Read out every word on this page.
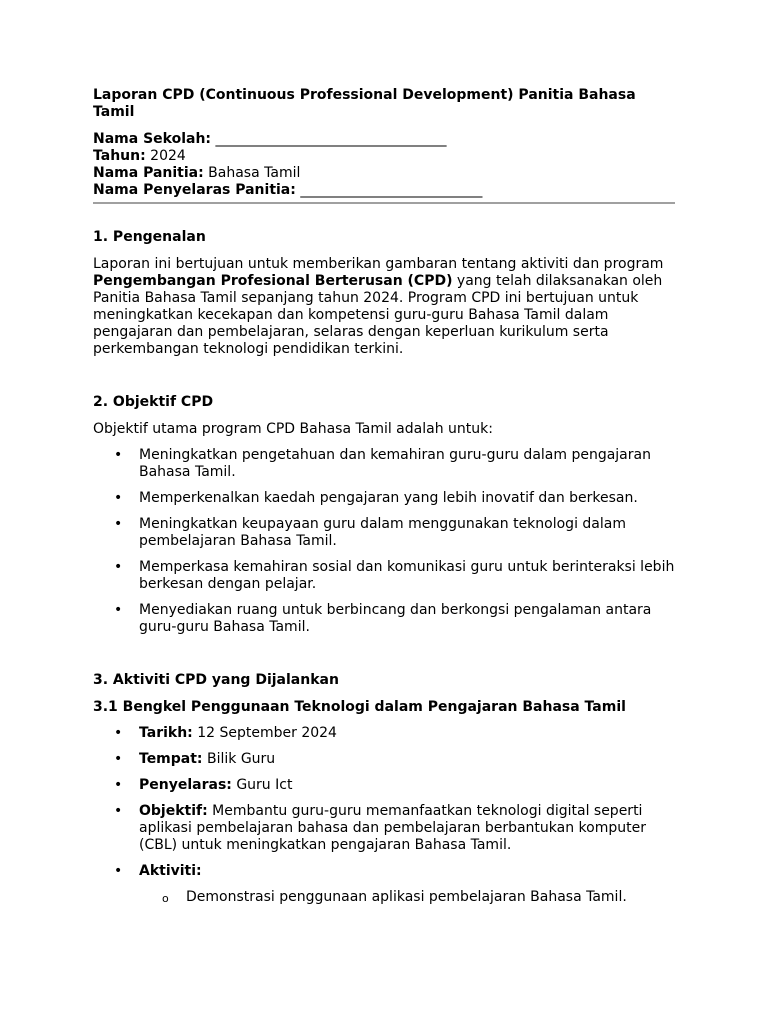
Laporan CPD (Continuous Professional Development) Panitia Bahasa Tamil

Nama Sekolah: _________________________________

Tahun: 2024

Nama Panitia: Bahasa Tamil

Nama Penyelaras Panitia: __________________________

1. Pengenalan

Laporan ini bertujuan untuk memberikan gambaran tentang aktiviti dan program Pengembangan Profesional Berterusan (CPD) yang telah dilaksanakan oleh Panitia Bahasa Tamil sepanjang tahun 2024. Program CPD ini bertujuan untuk meningkatkan kecekapan dan kompetensi guru-guru Bahasa Tamil dalam pengajaran dan pembelajaran, selaras dengan keperluan kurikulum serta perkembangan teknologi pendidikan terkini.

2. Objektif CPD

Objektif utama program CPD Bahasa Tamil adalah untuk:

• Meningkatkan pengetahuan dan kemahiran guru-guru dalam pengajaran Bahasa Tamil.
• Memperkenalkan kaedah pengajaran yang lebih inovatif dan berkesan.
• Meningkatkan keupayaan guru dalam menggunakan teknologi dalam pembelajaran Bahasa Tamil.
• Memperkasa kemahiran sosial dan komunikasi guru untuk berinteraksi lebih berkesan dengan pelajar.
• Menyediakan ruang untuk berbincang dan berkongsi pengalaman antara guru-guru Bahasa Tamil.

3. Aktiviti CPD yang Dijalankan

3.1 Bengkel Penggunaan Teknologi dalam Pengajaran Bahasa Tamil

• Tarikh: 12 September 2024
• Tempat: Bilik Guru
• Penyelaras: Guru Ict
• Objektif: Membantu guru-guru memanfaatkan teknologi digital seperti aplikasi pembelajaran bahasa dan pembelajaran berbantukan komputer (CBL) untuk meningkatkan pengajaran Bahasa Tamil.
• Aktiviti:
o Demonstrasi penggunaan aplikasi pembelajaran Bahasa Tamil.
